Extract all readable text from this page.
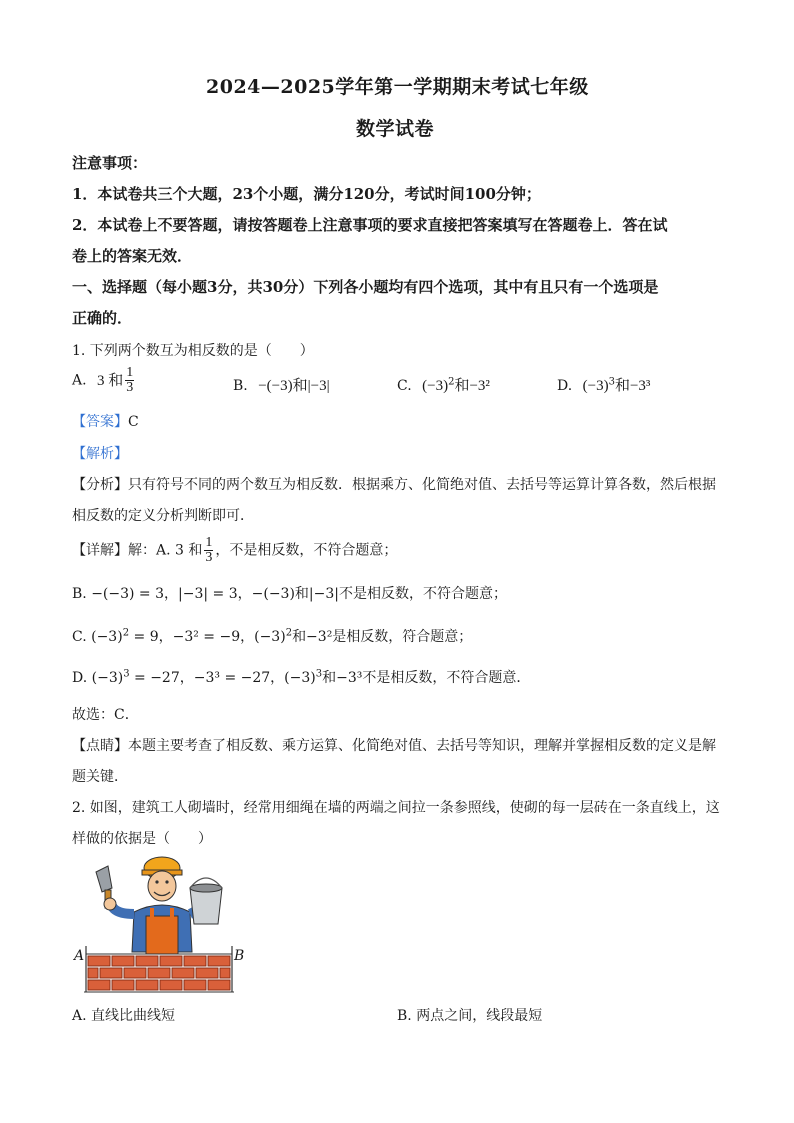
2024—2025学年第一学期期末考试七年级
数学试卷
注意事项：
1．本试卷共三个大题，23个小题，满分120分，考试时间100分钟；
2．本试卷上不要答题，请按答题卷上注意事项的要求直接把答案填写在答题卷上．答在试
卷上的答案无效．
一、选择题（每小题3分，共30分）下列各小题均有四个选项，其中有且只有一个选项是
正确的．
1. 下列两个数互为相反数的是（　　）
A. 3 和 $\frac{1}{3}$	B. −(−3)和|−3|	C. $(-3)^2$和−3²	D. $(-3)^3$和−3³
【答案】C
【解析】
【分析】只有符号不同的两个数互为相反数．根据乘方、化简绝对值、去括号等运算计算各数，然后根据
相反数的定义分析判断即可．
【详解】解：A. 3 和 $\frac{1}{3}$ ，不是相反数，不符合题意；
B. −(−3) = 3，|−3| = 3，−(−3)和|−3|不是相反数，不符合题意；
C. $(-3)^2 = 9$，−3² = −9，$(-3)^2$和−3²是相反数，符合题意；
D. $(-3)^3 = -27$，−3³ = −27，$(-3)^3$和−3³不是相反数，不符合题意．
故选：C．
【点睛】本题主要考查了相反数、乘方运算、化简绝对值、去括号等知识，理解并掌握相反数的定义是解
题关键．
2. 如图，建筑工人砌墙时，经常用细绳在墙的两端之间拉一条参照线，使砌的每一层砖在一条直线上，这
样做的依据是（　　）
A	B
A. 直线比曲线短	B. 两点之间，线段最短
